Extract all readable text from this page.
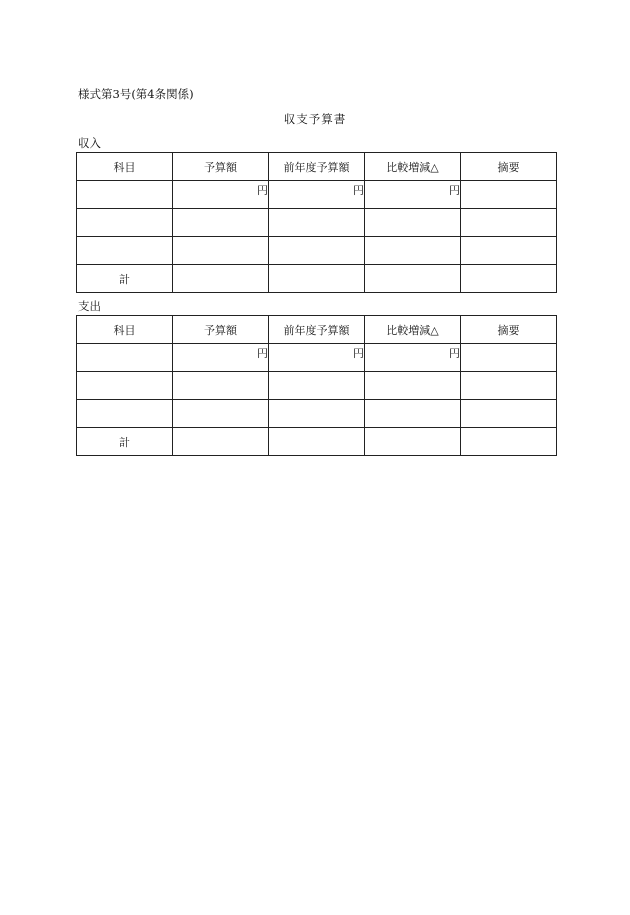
様式第3号(第4条関係)
収支予算書
収入
科目	予算額	前年度予算額	比較増減△	摘要
	円	円	円	

計				
支出
科目	予算額	前年度予算額	比較増減△	摘要
	円	円	円	

計				
